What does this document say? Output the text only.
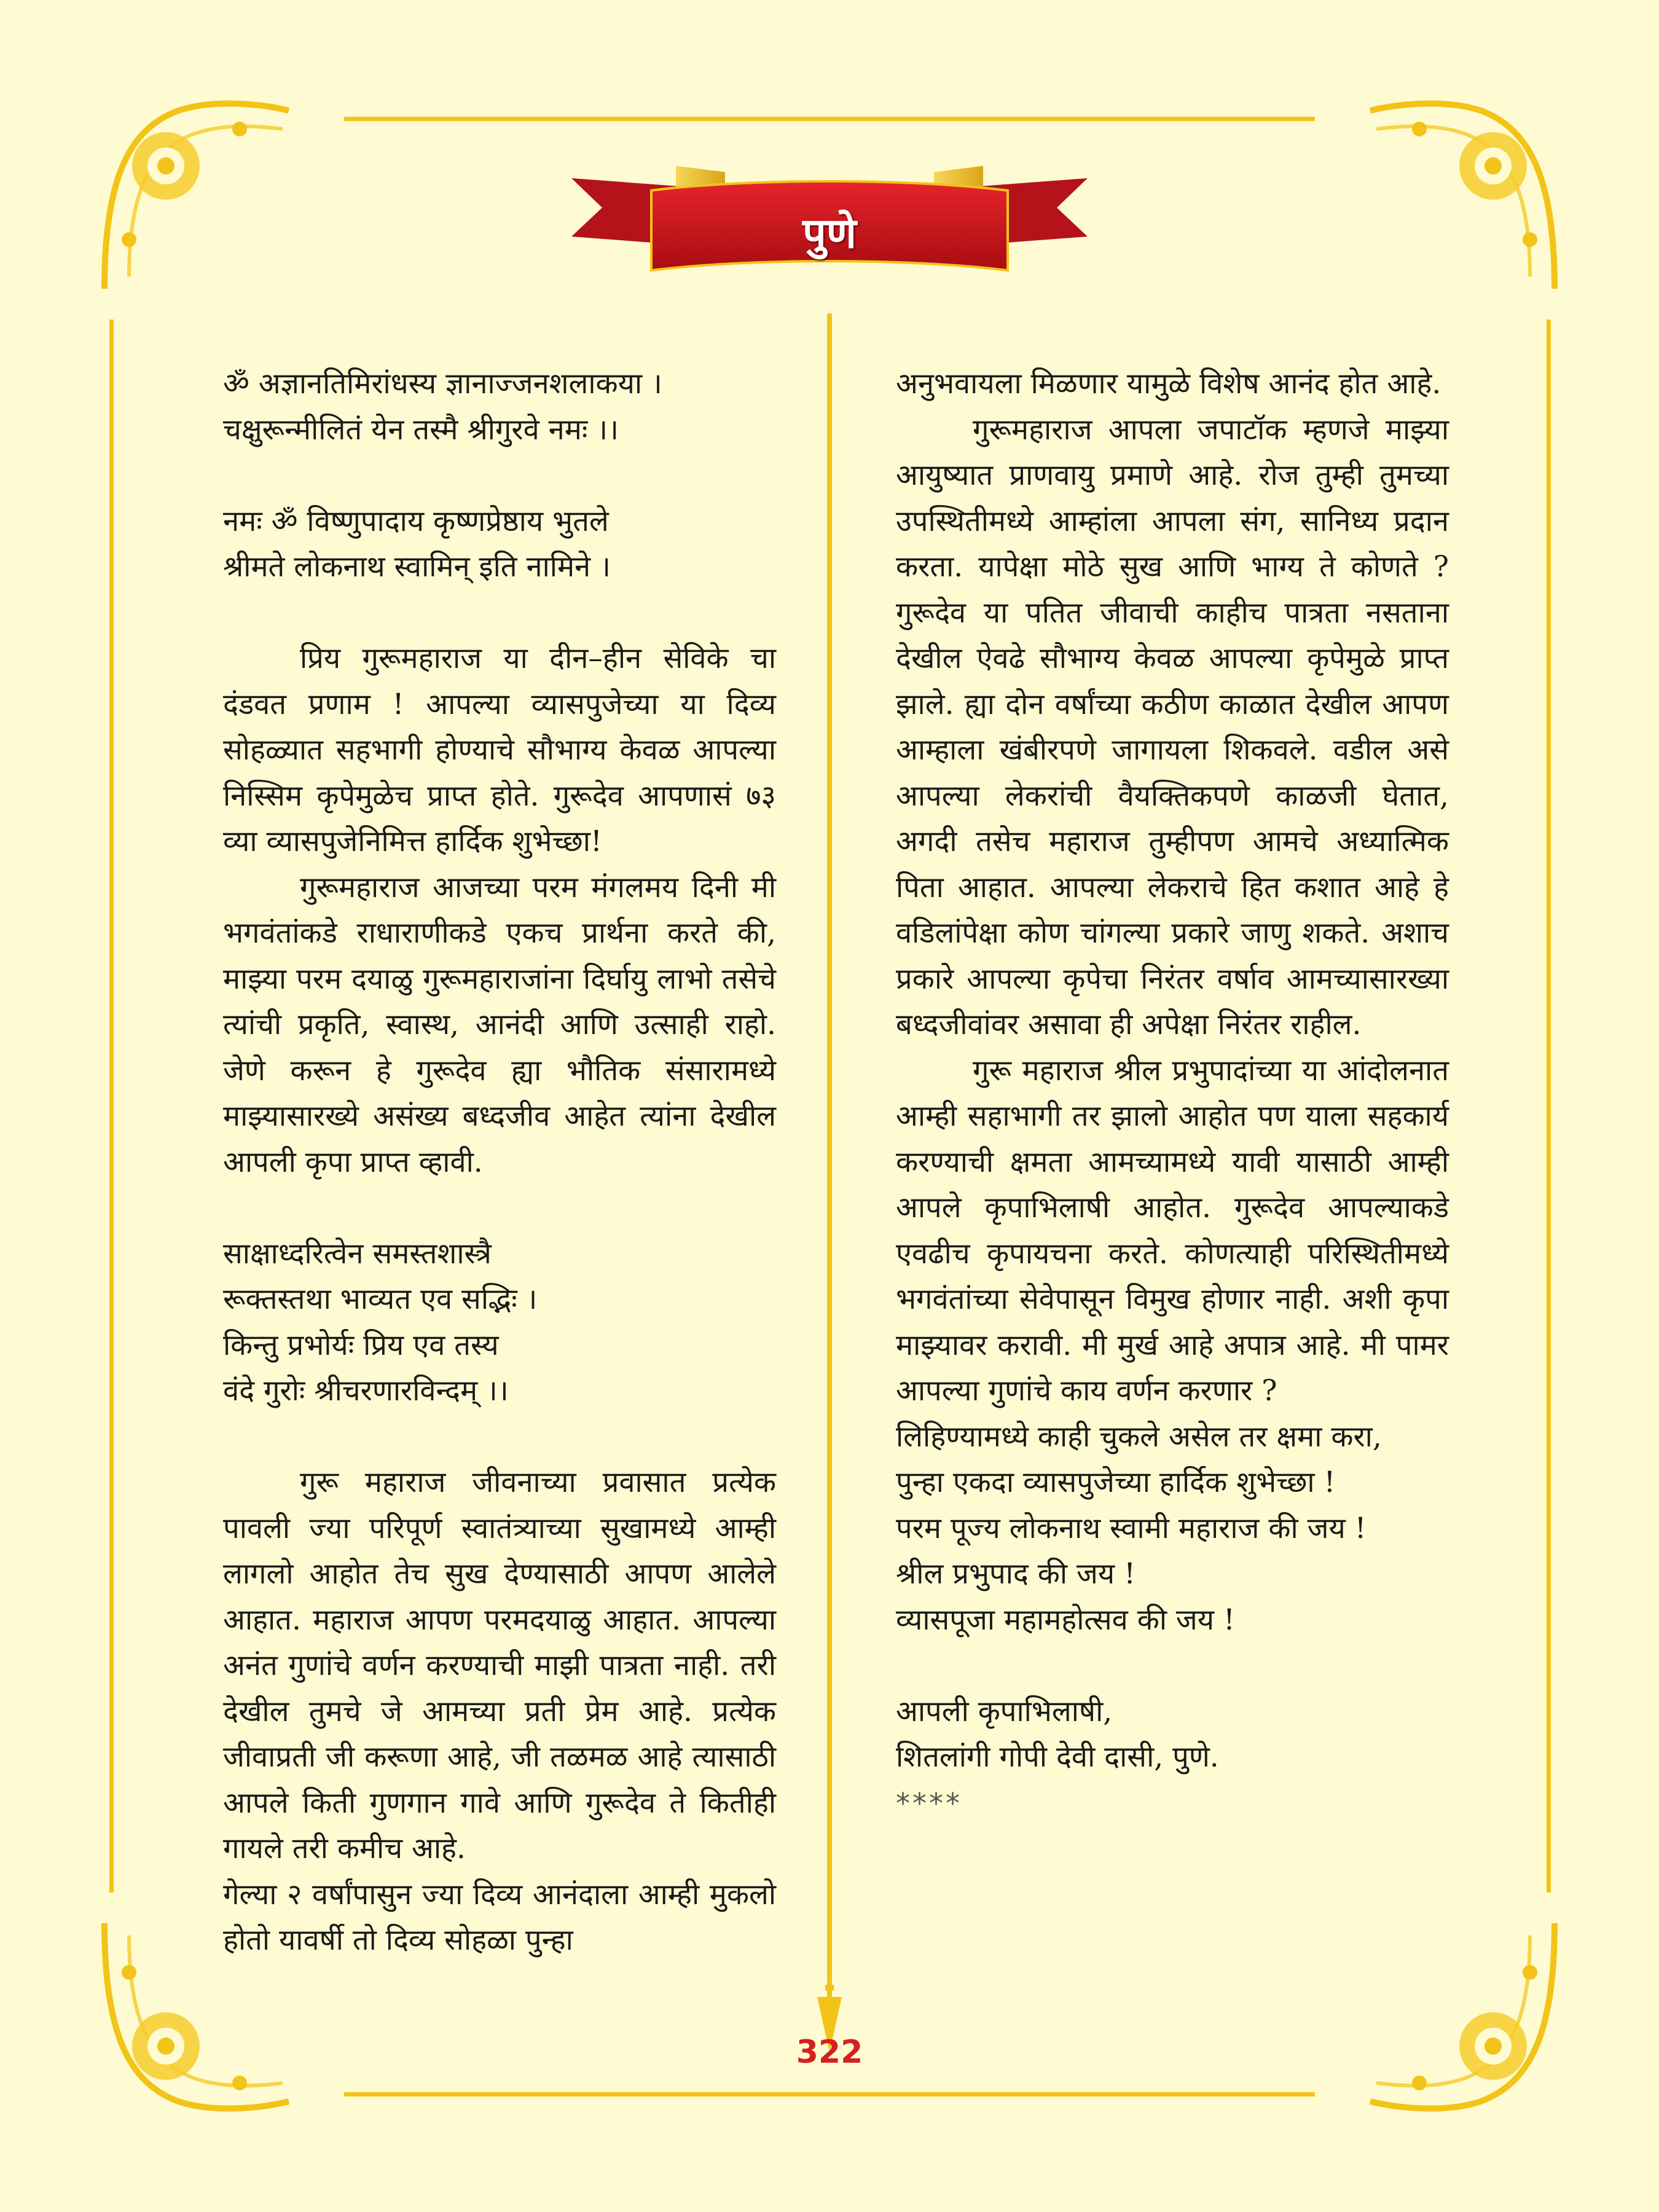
पुणे

ॐ अज्ञानतिमिरांधस्य ज्ञानाज्जनशलाकया ।

चक्षुरून्मीलितं येन तस्मै श्रीगुरवे नमः ।।

नमः ॐ विष्णुपादाय कृष्णप्रेष्ठाय भुतले

श्रीमते लोकनाथ स्वामिन् इति नामिने ।

प्रिय गुरूमहाराज या दीन–हीन सेविके चा दंडवत प्रणाम ! आपल्या व्यासपुजेच्या या दिव्य सोहळ्यात सहभागी होण्याचे सौभाग्य केवळ आपल्या निस्सिम कृपेमुळेच प्राप्त होते. गुरूदेव आपणासं ७३ व्या व्यासपुजेनिमित्त हार्दिक शुभेच्छा!

गुरूमहाराज आजच्या परम मंगलमय दिनी मी भगवंतांकडे राधाराणीकडे एकच प्रार्थना करते की, माझ्या परम दयाळु गुरूमहाराजांना दिर्घायु लाभो तसेचे त्यांची प्रकृति, स्वास्थ, आनंदी आणि उत्साही राहो. जेणे करून हे गुरूदेव ह्या भौतिक संसारामध्ये माझ्यासारख्ये असंख्य बध्दजीव आहेत त्यांना देखील आपली कृपा प्राप्त व्हावी.

साक्षाध्दरित्वेन समस्तशास्त्रै

रूक्तस्तथा भाव्यत एव सद्भिः ।

किन्तु प्रभोर्यः प्रिय एव तस्य

वंदे गुरोः श्रीचरणारविन्दम् ।।

गुरू महाराज जीवनाच्या प्रवासात प्रत्येक पावली ज्या परिपूर्ण स्वातंत्र्याच्या सुखामध्ये आम्ही लागलो आहोत तेच सुख देण्यासाठी आपण आलेले आहात. महाराज आपण परमदयाळु आहात. आपल्या अनंत गुणांचे वर्णन करण्याची माझी पात्रता नाही. तरी देखील तुमचे जे आमच्या प्रती प्रेम आहे. प्रत्येक जीवाप्रती जी करूणा आहे, जी तळमळ आहे त्यासाठी आपले किती गुणगान गावे आणि गुरूदेव ते कितीही गायले तरी कमीच आहे.

गेल्या २ वर्षांपासुन ज्या दिव्य आनंदाला आम्ही मुकलो होतो यावर्षी तो दिव्य सोहळा पुन्हा

अनुभवायला मिळणार यामुळे विशेष आनंद होत आहे.

गुरूमहाराज आपला जपाटॉक म्हणजे माझ्या आयुष्यात प्राणवायु प्रमाणे आहे. रोज तुम्ही तुमच्या उपस्थितीमध्ये आम्हांला आपला संग, सानिध्य प्रदान करता. यापेक्षा मोठे सुख आणि भाग्य ते कोणते ? गुरूदेव या पतित जीवाची काहीच पात्रता नसताना देखील ऐवढे सौभाग्य केवळ आपल्या कृपेमुळे प्राप्त झाले. ह्या दोन वर्षांच्या कठीण काळात देखील आपण आम्हाला खंबीरपणे जागायला शिकवले. वडील असे आपल्या लेकरांची वैयक्तिकपणे काळजी घेतात, अगदी तसेच महाराज तुम्हीपण आमचे अध्यात्मिक पिता आहात. आपल्या लेकराचे हित कशात आहे हे वडिलांपेक्षा कोण चांगल्या प्रकारे जाणु शकते. अशाच प्रकारे आपल्या कृपेचा निरंतर वर्षाव आमच्यासारख्या बध्दजीवांवर असावा ही अपेक्षा निरंतर राहील.

गुरू महाराज श्रील प्रभुपादांच्या या आंदोलनात आम्ही सहाभागी तर झालो आहोत पण याला सहकार्य करण्याची क्षमता आमच्यामध्ये यावी यासाठी आम्ही आपले कृपाभिलाषी आहोत. गुरूदेव आपल्याकडे एवढीच कृपायचना करते. कोणत्याही परिस्थितीमध्ये भगवंतांच्या सेवेपासून विमुख होणार नाही. अशी कृपा माझ्यावर करावी. मी मुर्ख आहे अपात्र आहे. मी पामर आपल्या गुणांचे काय वर्णन करणार ?

लिहिण्यामध्ये काही चुकले असेल तर क्षमा करा,

पुन्हा एकदा व्यासपुजेच्या हार्दिक शुभेच्छा !

परम पूज्य लोकनाथ स्वामी महाराज की जय !

श्रील प्रभुपाद की जय !

व्यासपूजा महामहोत्सव की जय !

आपली कृपाभिलाषी,

शितलांगी गोपी देवी दासी, पुणे.

****

322
